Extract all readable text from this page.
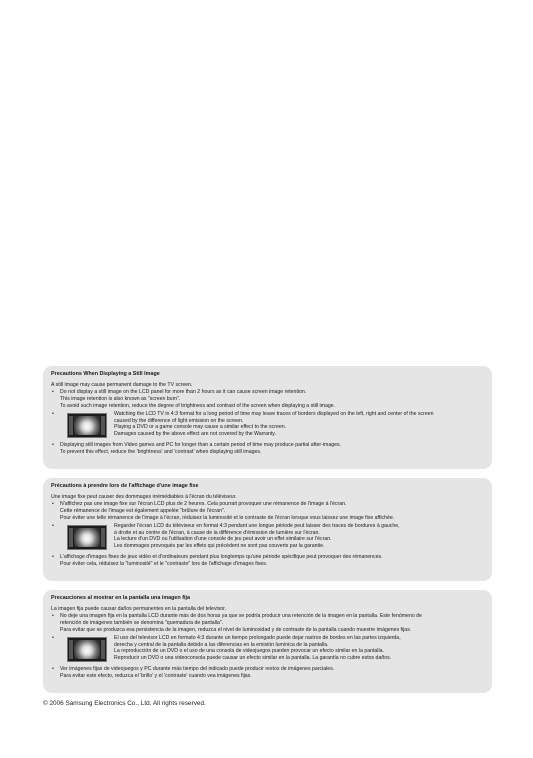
Precautions When Displaying a Still Image

A still image may cause permanent damage to the TV screen.

• Do not display a still image on the LCD panel for more than 2 hours as it can cause screen image retention.

This image retention is also known as "screen burn".

To avoid such image retention, reduce the degree of brightness and contrast of the screen when displaying a still image.

•	Watching the LCD TV in 4:3 format for a long period of time may leave traces of borders displayed on the left, right and center of the screen

caused by the difference of light emission on the screen.

Playing a DVD or a game console may cause a similar effect to the screen.

Damages caused by the above effect are not covered by the Warranty.

• Displaying still images from Video games and PC for longer than a certain period of time may produce partial after-images.

To prevent this effect, reduce the 'brightness' and 'contrast' when displaying still images.

Précautions à prendre lors de l'affichage d'une image fixe

Une image fixe peut causer des dommages irrémédiables à l'écran du téléviseur.

• N'affichez pas une image fixe sur l'écran LCD plus de 2 heures. Cela pourrait provoquer une rémanence de l'image à l'écran.

Cette rémanence de l'image est également appelée "brûlure de l'écran".

Pour éviter une telle rémanence de l'image à l'écran, réduisez la luminosité et le contraste de l'écran lorsque vous laissez une image fixe affichée.

•	Regarder l'écran LCD du téléviseur en format 4:3 pendant une longue période peut laisser des traces de bordures à gauche,

à droite et au centre de l'écran, à cause de la différence d'émission de lumière sur l'écran.

La lecture d'un DVD ou l'utilisation d'une console de jeu peut avoir un effet similaire sur l'écran.

Les dommages provoqués par les effets qui précèdent ne sont pas couverts par la garantie.

• L'affichage d'images fixes de jeux vidéo et d'ordinateurs pendant plus longtemps qu'une période spécifique peut provoquer des rémanences.

Pour éviter cela, réduisez la "luminosité" et le "contraste" lors de l'affichage d'images fixes.

Precauciones al mostrar en la pantalla una imagen fija

La imagen fija puede causar daños permanentes en la pantalla del televisor.

• No deje una imagen fija en la pantalla LCD durante más de dos horas ya que se podría producir una retención de la imagen en la pantalla. Este fenómeno de

retención de imágenes también se denomina "quemadura de pantalla".

Para evitar que se produzca esa persistencia de la imagen, reduzca el nivel de luminosidad y de contraste de la pantalla cuando muestre imágenes fijas.

•	El uso del televisor LCD en formato 4:3 durante un tiempo prolongado puede dejar rastros de bordes en las partes izquierda,

derecha y central de la pantalla debido a las diferencias en la emisión lumínica de la pantalla.

La reproducción de un DVD o el uso de una consola de videojuegos pueden provocar un efecto similar en la pantalla.

Reproducir un DVD o una videoconsola puede causar un efecto similar en la pantalla. La garantía no cubre estos daños.

• Ver imágenes fijas de videojuegos y PC durante más tiempo del indicado puede producir restos de imágenes parciales.

Para evitar este efecto, reduzca el 'brillo' y el 'contraste' cuando vea imágenes fijas.

© 2006 Samsung Electronics Co., Ltd. All rights reserved.
